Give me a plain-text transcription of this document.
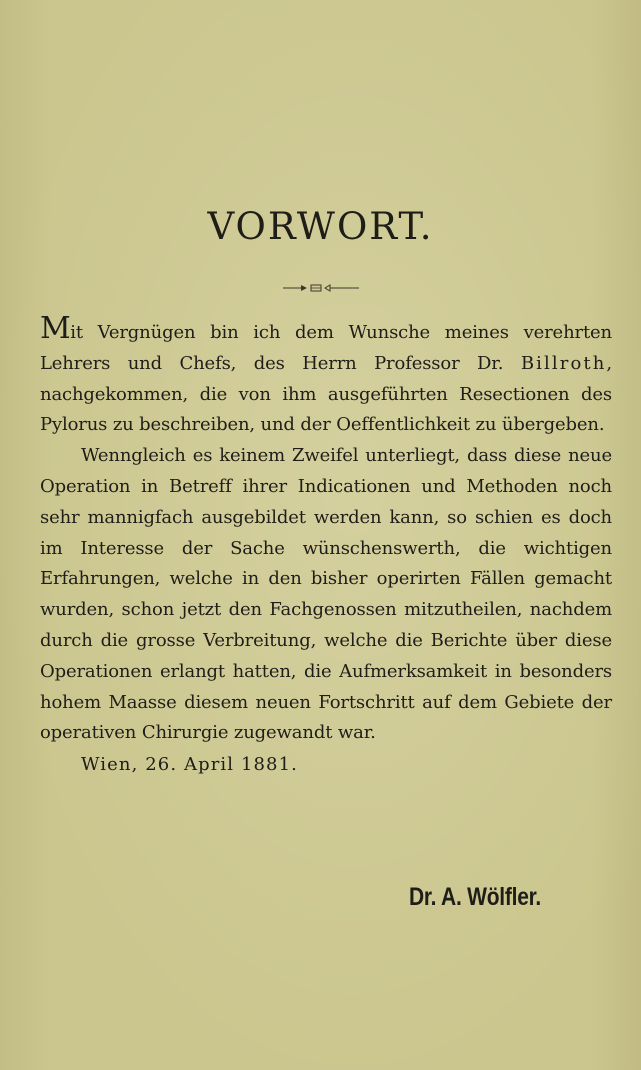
VORWORT.

Mit Vergnügen bin ich dem Wunsche meines verehrten Lehrers und Chefs, des Herrn Professor Dr. Billroth, nachgekommen, die von ihm ausgeführten Resectionen des Pylorus zu beschreiben, und der Oeffentlichkeit zu übergeben.

Wenngleich es keinem Zweifel unterliegt, dass diese neue Operation in Betreff ihrer Indicationen und Methoden noch sehr mannigfach ausgebildet werden kann, so schien es doch im Interesse der Sache wünschenswerth, die wichtigen Erfahrungen, welche in den bisher operirten Fällen gemacht wurden, schon jetzt den Fachgenossen mitzutheilen, nachdem durch die grosse Verbreitung, welche die Berichte über diese Operationen erlangt hatten, die Aufmerksamkeit in besonders hohem Maasse diesem neuen Fortschritt auf dem Gebiete der operativen Chirurgie zugewandt war.

Wien, 26. April 1881.

Dr. A. Wölfler.
